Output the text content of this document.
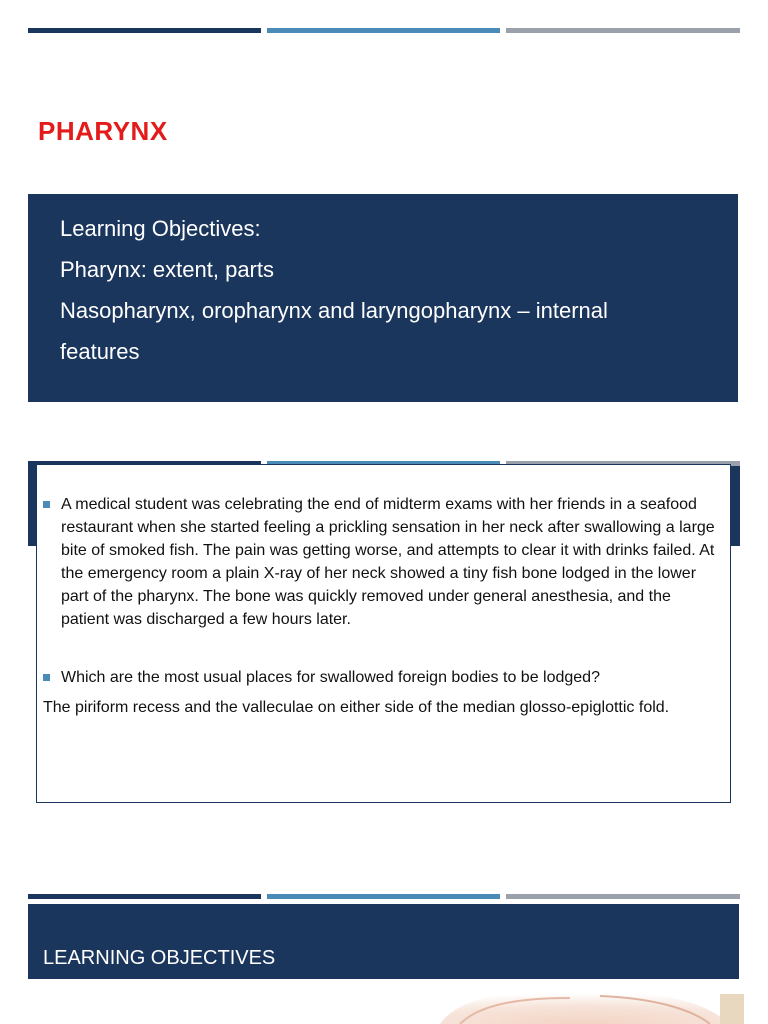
PHARYNX
Learning Objectives:
Pharynx: extent, parts
Nasopharynx, oropharynx and laryngopharynx – internal
features
A medical student was celebrating the end of midterm exams with her friends in a seafood restaurant when she started feeling a prickling sensation in her neck after swallowing a large bite of smoked fish. The pain was getting worse, and attempts to clear it with drinks failed. At the emergency room a plain X-ray of her neck showed a tiny fish bone lodged in the lower part of the pharynx. The bone was quickly removed under general anesthesia, and the patient was discharged a few hours later.
Which are the most usual places for swallowed foreign bodies to be lodged?
The piriform recess and the valleculae on either side of the median glosso-epiglottic fold.
LEARNING OBJECTIVES
